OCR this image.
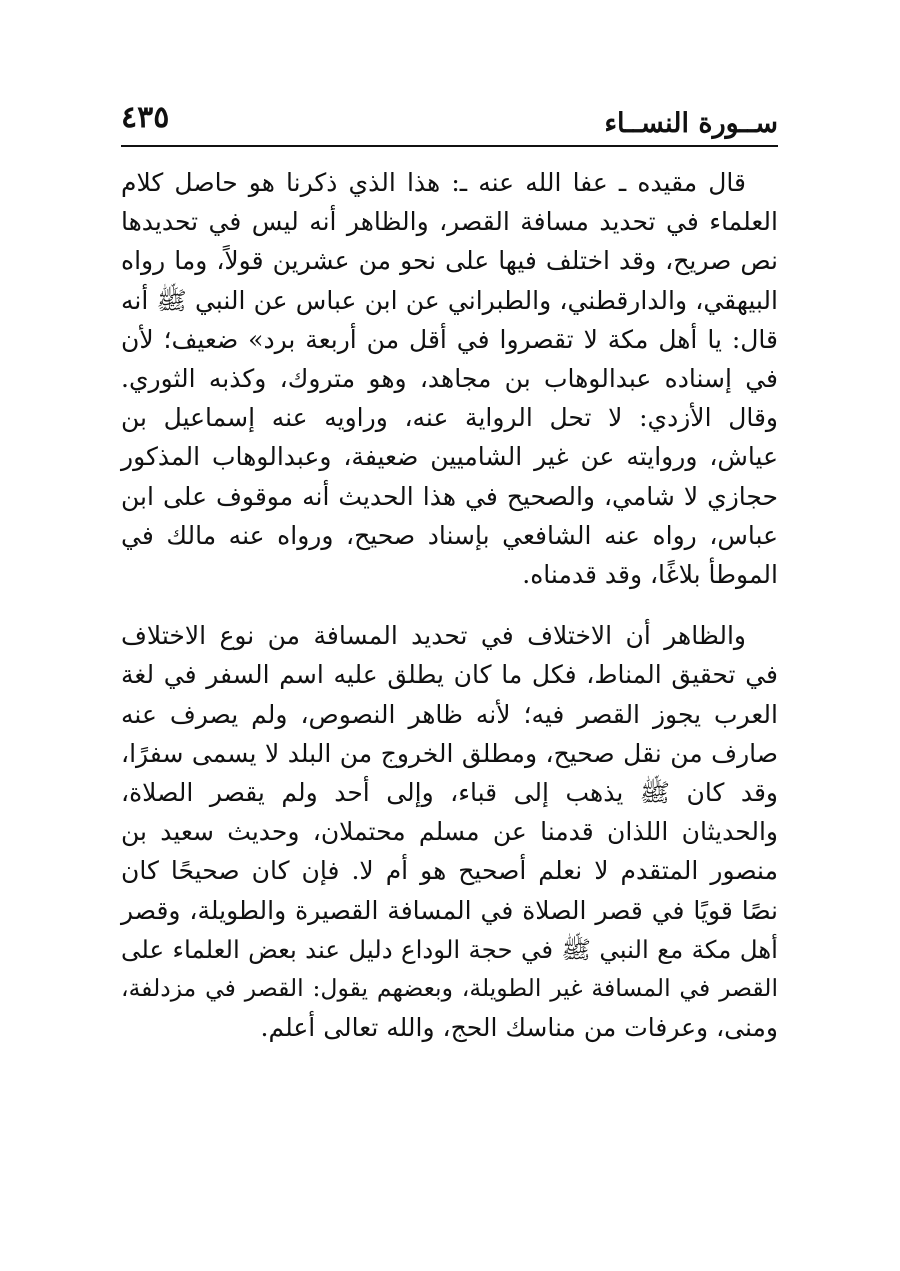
ســورة النســاء
٤٣٥
قال مقيده ـ عفا الله عنه ـ: هذا الذي ذكرنا هو حاصل كلام
العلماء في تحديد مسافة القصر، والظاهر أنه ليس في تحديدها
نص صريح، وقد اختلف فيها على نحو من عشرين قولاً، وما رواه
البيهقي، والدارقطني، والطبراني عن ابن عباس عن النبي ﷺ أنه
قال: يا أهل مكة لا تقصروا في أقل من أربعة برد» ضعيف؛ لأن
في إسناده عبدالوهاب بن مجاهد، وهو متروك، وكذبه الثوري.
وقال الأزدي: لا تحل الرواية عنه، وراويه عنه إسماعيل بن
عياش، وروايته عن غير الشاميين ضعيفة، وعبدالوهاب المذكور
حجازي لا شامي، والصحيح في هذا الحديث أنه موقوف على ابن
عباس، رواه عنه الشافعي بإسناد صحيح، ورواه عنه مالك في
الموطأ بلاغًا، وقد قدمناه.
والظاهر أن الاختلاف في تحديد المسافة من نوع الاختلاف
في تحقيق المناط، فكل ما كان يطلق عليه اسم السفر في لغة
العرب يجوز القصر فيه؛ لأنه ظاهر النصوص، ولم يصرف عنه
صارف من نقل صحيح، ومطلق الخروج من البلد لا يسمى سفرًا،
وقد كان ﷺ يذهب إلى قباء، وإلى أحد ولم يقصر الصلاة،
والحديثان اللذان قدمنا عن مسلم محتملان، وحديث سعيد بن
منصور المتقدم لا نعلم أصحيح هو أم لا. فإن كان صحيحًا كان
نصًا قويًا في قصر الصلاة في المسافة القصيرة والطويلة، وقصر
أهل مكة مع النبي ﷺ في حجة الوداع دليل عند بعض العلماء على
القصر في المسافة غير الطويلة، وبعضهم يقول: القصر في مزدلفة،
ومنى، وعرفات من مناسك الحج، والله تعالى أعلم.
